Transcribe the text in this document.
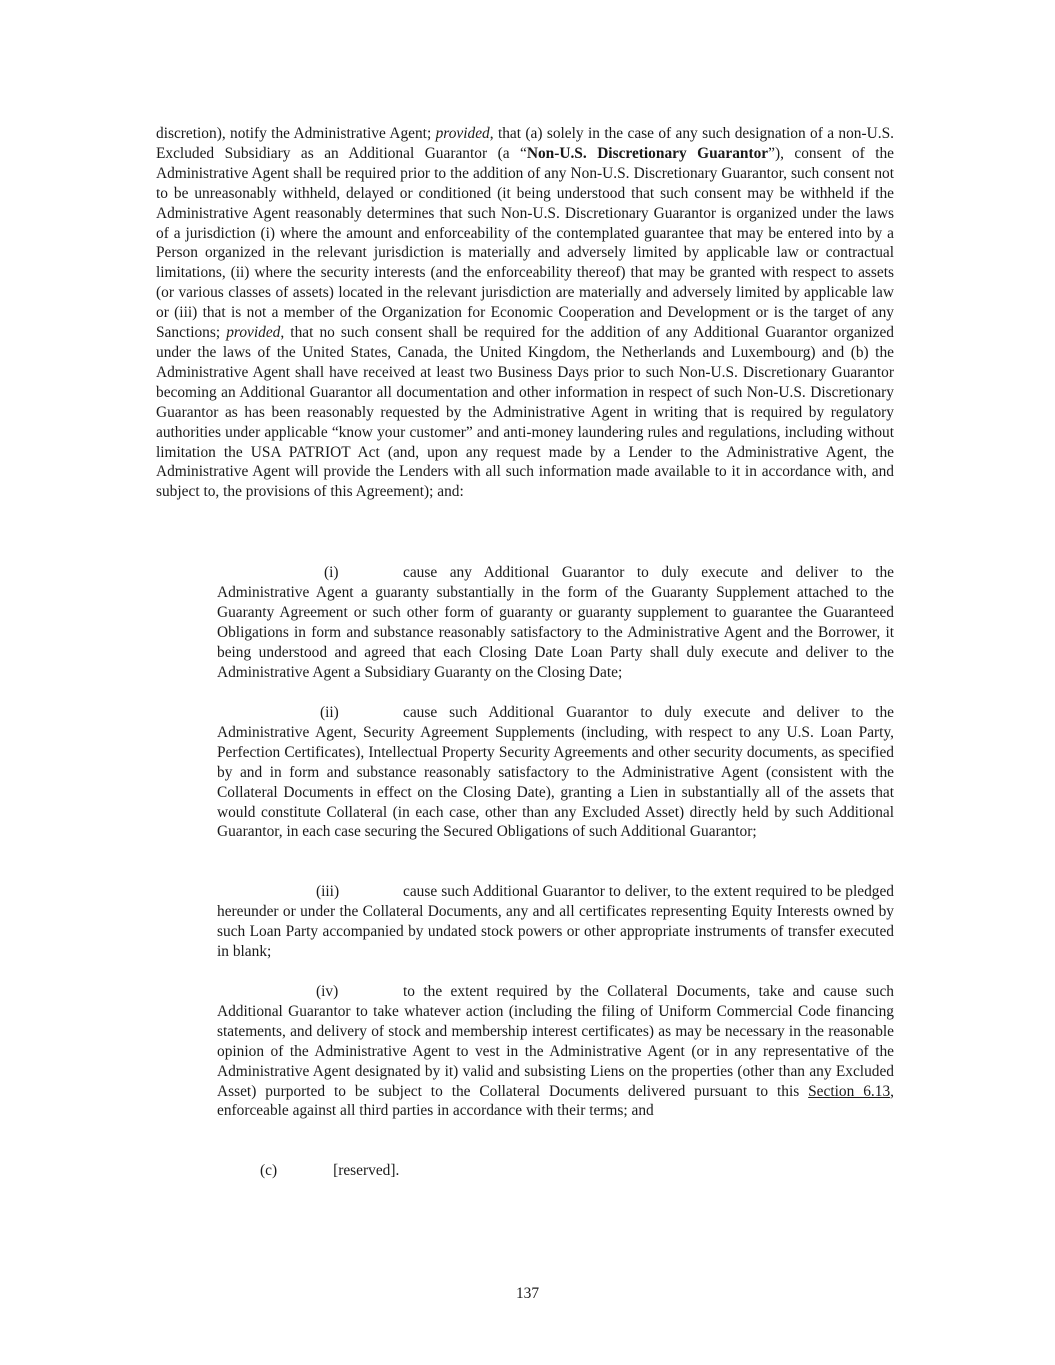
discretion), notify the Administrative Agent; provided, that (a) solely in the case of any such designation of a non-U.S. Excluded Subsidiary as an Additional Guarantor (a “Non-U.S. Discretionary Guarantor”), consent of the Administrative Agent shall be required prior to the addition of any Non-U.S. Discretionary Guarantor, such consent not to be unreasonably withheld, delayed or conditioned (it being understood that such consent may be withheld if the Administrative Agent reasonably determines that such Non-U.S. Discretionary Guarantor is organized under the laws of a jurisdiction (i) where the amount and enforceability of the contemplated guarantee that may be entered into by a Person organized in the relevant jurisdiction is materially and adversely limited by applicable law or contractual limitations, (ii) where the security interests (and the enforceability thereof) that may be granted with respect to assets (or various classes of assets) located in the relevant jurisdiction are materially and adversely limited by applicable law or (iii) that is not a member of the Organization for Economic Cooperation and Development or is the target of any Sanctions; provided, that no such consent shall be required for the addition of any Additional Guarantor organized under the laws of the United States, Canada, the United Kingdom, the Netherlands and Luxembourg) and (b) the Administrative Agent shall have received at least two Business Days prior to such Non-U.S. Discretionary Guarantor becoming an Additional Guarantor all documentation and other information in respect of such Non-U.S. Discretionary Guarantor as has been reasonably requested by the Administrative Agent in writing that is required by regulatory authorities under applicable “know your customer” and anti-money laundering rules and regulations, including without limitation the USA PATRIOT Act (and, upon any request made by a Lender to the Administrative Agent, the Administrative Agent will provide the Lenders with all such information made available to it in accordance with, and subject to, the provisions of this Agreement); and:

(i)	cause any Additional Guarantor to duly execute and deliver to the Administrative Agent a guaranty substantially in the form of the Guaranty Supplement attached to the Guaranty Agreement or such other form of guaranty or guaranty supplement to guarantee the Guaranteed Obligations in form and substance reasonably satisfactory to the Administrative Agent and the Borrower, it being understood and agreed that each Closing Date Loan Party shall duly execute and deliver to the Administrative Agent a Subsidiary Guaranty on the Closing Date;

(ii)	cause such Additional Guarantor to duly execute and deliver to the Administrative Agent, Security Agreement Supplements (including, with respect to any U.S. Loan Party, Perfection Certificates), Intellectual Property Security Agreements and other security documents, as specified by and in form and substance reasonably satisfactory to the Administrative Agent (consistent with the Collateral Documents in effect on the Closing Date), granting a Lien in substantially all of the assets that would constitute Collateral (in each case, other than any Excluded Asset) directly held by such Additional Guarantor, in each case securing the Secured Obligations of such Additional Guarantor;

(iii)	cause such Additional Guarantor to deliver, to the extent required to be pledged hereunder or under the Collateral Documents, any and all certificates representing Equity Interests owned by such Loan Party accompanied by undated stock powers or other appropriate instruments of transfer executed in blank;

(iv)	to the extent required by the Collateral Documents, take and cause such Additional Guarantor to take whatever action (including the filing of Uniform Commercial Code financing statements, and delivery of stock and membership interest certificates) as may be necessary in the reasonable opinion of the Administrative Agent to vest in the Administrative Agent (or in any representative of the Administrative Agent designated by it) valid and subsisting Liens on the properties (other than any Excluded Asset) purported to be subject to the Collateral Documents delivered pursuant to this Section 6.13, enforceable against all third parties in accordance with their terms; and

(c)	[reserved].

137
